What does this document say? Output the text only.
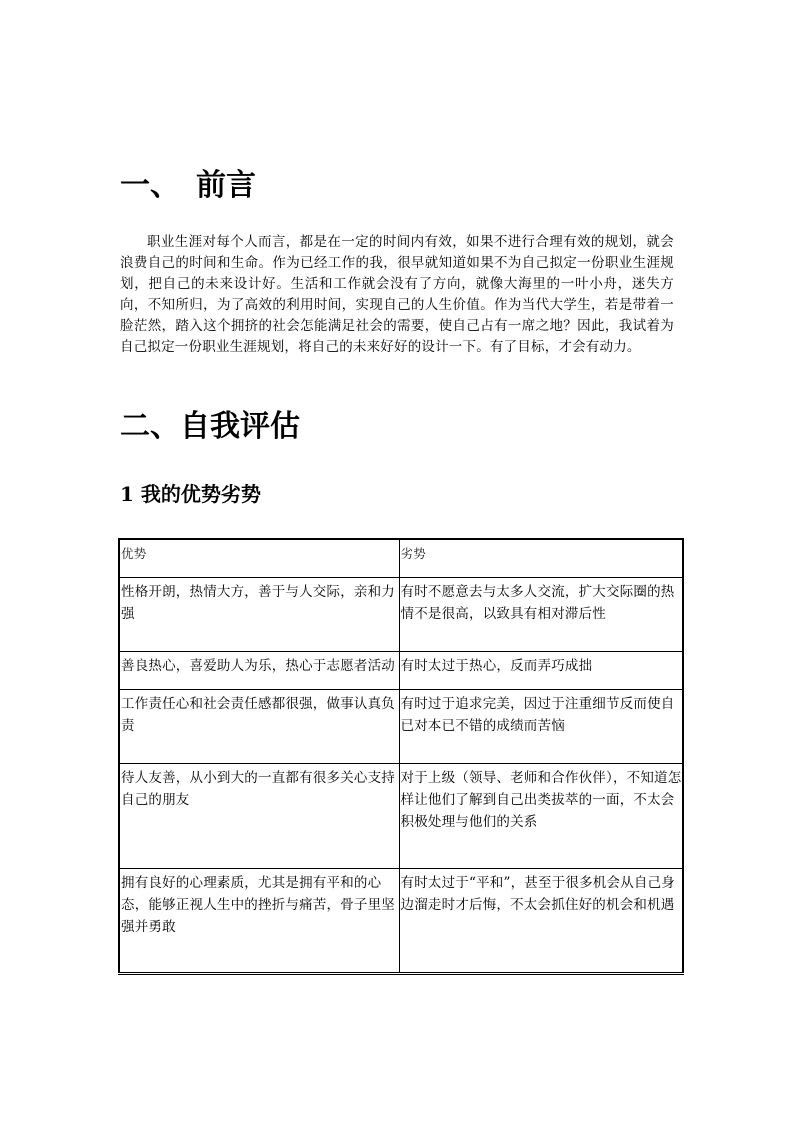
一、 前言

职业生涯对每个人而言，都是在一定的时间内有效，如果不进行合理有效的规划，就会浪费自己的时间和生命。作为已经工作的我，很早就知道如果不为自己拟定一份职业生涯规划，把自己的未来设计好。生活和工作就会没有了方向，就像大海里的一叶小舟，迷失方向，不知所归，为了高效的利用时间，实现自己的人生价值。作为当代大学生，若是带着一脸茫然，踏入这个拥挤的社会怎能满足社会的需要，使自己占有一席之地？因此，我试着为自己拟定一份职业生涯规划，将自己的未来好好的设计一下。有了目标，才会有动力。

二、自我评估
1 我的优势劣势
优势	劣势
性格开朗，热情大方，善于与人交际，亲和力强	有时不愿意去与太多人交流，扩大交际圈的热情不是很高，以致具有相对滞后性
善良热心，喜爱助人为乐，热心于志愿者活动	有时太过于热心，反而弄巧成拙
工作责任心和社会责任感都很强，做事认真负责	有时过于追求完美，因过于注重细节反而使自已对本已不错的成绩而苦恼
待人友善，从小到大的一直都有很多关心支持自己的朋友	对于上级（领导、老师和合作伙伴），不知道怎样让他们了解到自己出类拔萃的一面，不太会积极处理与他们的关系
拥有良好的心理素质，尤其是拥有平和的心态，能够正视人生中的挫折与痛苦，骨子里坚强并勇敢	有时太过于“平和”，甚至于很多机会从自己身边溜走时才后悔，不太会抓住好的机会和机遇
